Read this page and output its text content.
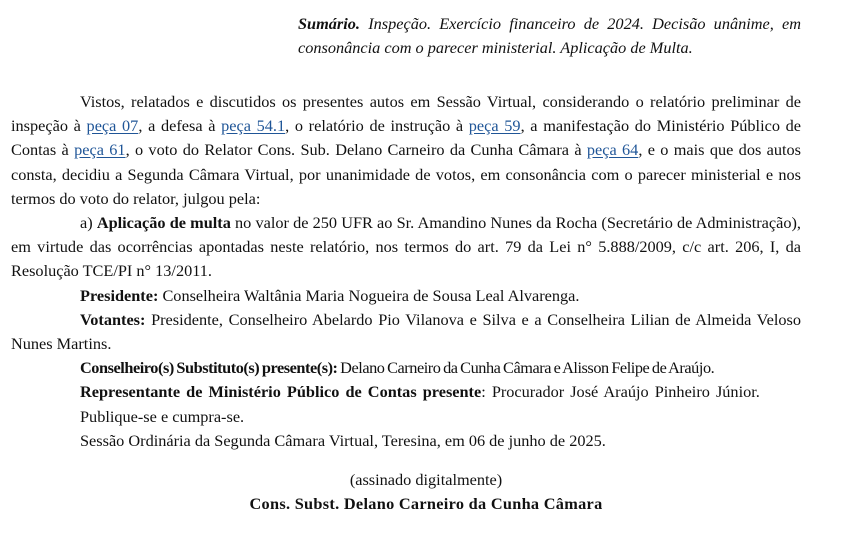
Sumário. Inspeção. Exercício financeiro de 2024. Decisão unânime, em consonância com o parecer ministerial. Aplicação de Multa.

Vistos, relatados e discutidos os presentes autos em Sessão Virtual, considerando o relatório preliminar de inspeção à peça 07, a defesa à peça 54.1, o relatório de instrução à peça 59, a manifestação do Ministério Público de Contas à peça 61, o voto do Relator Cons. Sub. Delano Carneiro da Cunha Câmara à peça 64, e o mais que dos autos consta, decidiu a Segunda Câmara Virtual, por unanimidade de votos, em consonância com o parecer ministerial e nos termos do voto do relator, julgou pela:

a) Aplicação de multa no valor de 250 UFR ao Sr. Amandino Nunes da Rocha (Secretário de Administração), em virtude das ocorrências apontadas neste relatório, nos termos do art. 79 da Lei n° 5.888/2009, c/c art. 206, I, da Resolução TCE/PI n° 13/2011.

Presidente: Conselheira Waltânia Maria Nogueira de Sousa Leal Alvarenga.

Votantes: Presidente, Conselheiro Abelardo Pio Vilanova e Silva e a Conselheira Lilian de Almeida Veloso Nunes Martins.

Conselheiro(s) Substituto(s) presente(s): Delano Carneiro da Cunha Câmara e Alisson Felipe de Araújo.

Representante de Ministério Público de Contas presente: Procurador José Araújo Pinheiro Júnior.

Publique-se e cumpra-se.

Sessão Ordinária da Segunda Câmara Virtual, Teresina, em 06 de junho de 2025.

(assinado digitalmente)
Cons. Subst. Delano Carneiro da Cunha Câmara
